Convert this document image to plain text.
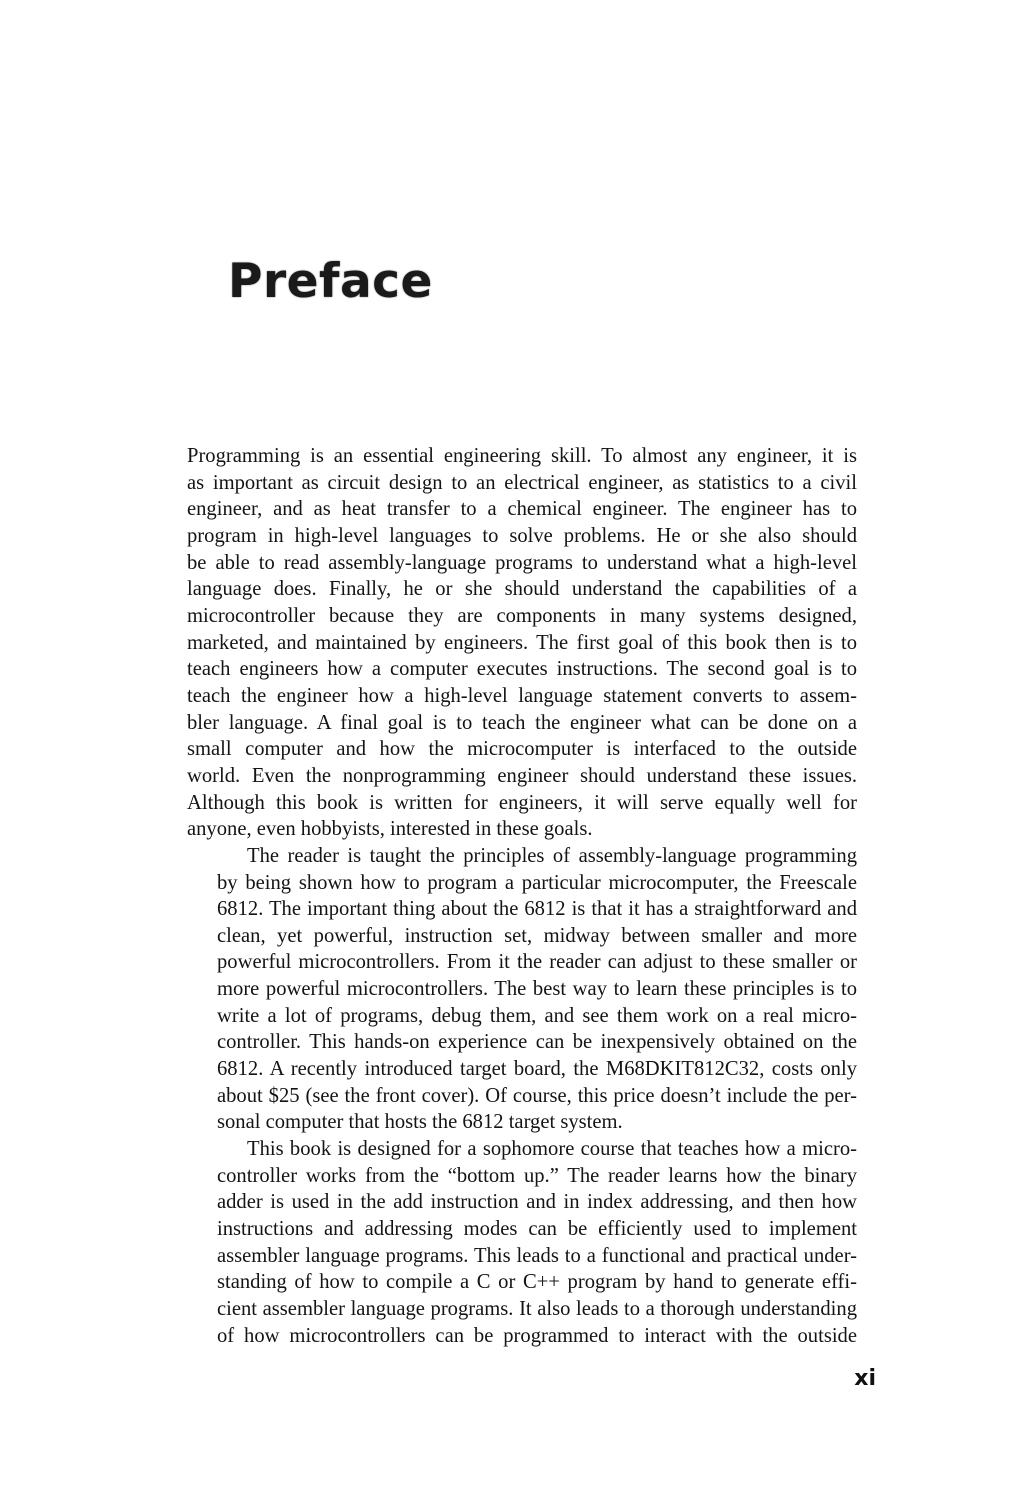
Preface

Programming is an essential engineering skill. To almost any engineer, it is
as important as circuit design to an electrical engineer, as statistics to a civil
engineer, and as heat transfer to a chemical engineer. The engineer has to
program in high-level languages to solve problems. He or she also should
be able to read assembly-language programs to understand what a high-level
language does. Finally, he or she should understand the capabilities of a
microcontroller because they are components in many systems designed,
marketed, and maintained by engineers. The first goal of this book then is to
teach engineers how a computer executes instructions. The second goal is to
teach the engineer how a high-level language statement converts to assem-
bler language. A final goal is to teach the engineer what can be done on a
small computer and how the microcomputer is interfaced to the outside
world. Even the nonprogramming engineer should understand these issues.
Although this book is written for engineers, it will serve equally well for
anyone, even hobbyists, interested in these goals.

The reader is taught the principles of assembly-language programming
by being shown how to program a particular microcomputer, the Freescale
6812. The important thing about the 6812 is that it has a straightforward and
clean, yet powerful, instruction set, midway between smaller and more
powerful microcontrollers. From it the reader can adjust to these smaller or
more powerful microcontrollers. The best way to learn these principles is to
write a lot of programs, debug them, and see them work on a real micro-
controller. This hands-on experience can be inexpensively obtained on the
6812. A recently introduced target board, the M68DKIT812C32, costs only
about $25 (see the front cover). Of course, this price doesn’t include the per-
sonal computer that hosts the 6812 target system.

This book is designed for a sophomore course that teaches how a micro-
controller works from the “bottom up.” The reader learns how the binary
adder is used in the add instruction and in index addressing, and then how
instructions and addressing modes can be efficiently used to implement
assembler language programs. This leads to a functional and practical under-
standing of how to compile a C or C++ program by hand to generate effi-
cient assembler language programs. It also leads to a thorough understanding
of how microcontrollers can be programmed to interact with the outside

xi
